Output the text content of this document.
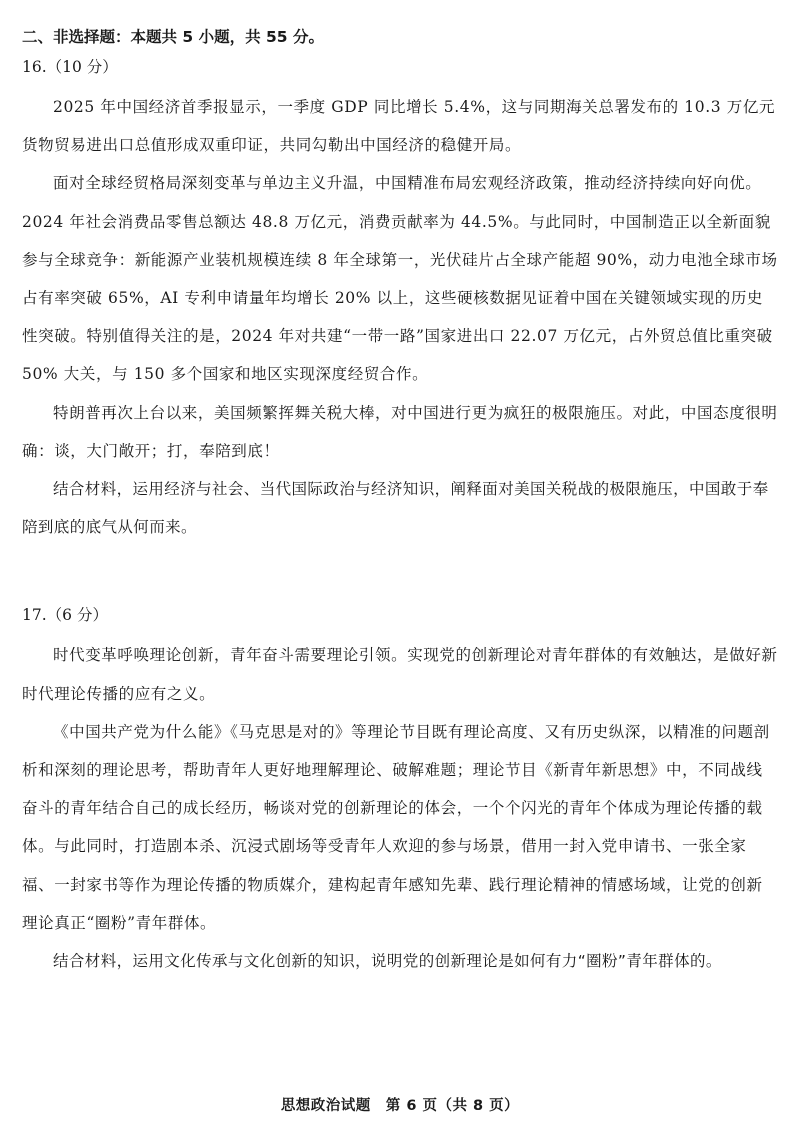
二、非选择题：本题共 5 小题，共 55 分。

16.（10 分）

2025 年中国经济首季报显示，一季度 GDP 同比增长 5.4%，这与同期海关总署发布的 10.3 万亿元货物贸易进出口总值形成双重印证，共同勾勒出中国经济的稳健开局。

面对全球经贸格局深刻变革与单边主义升温，中国精准布局宏观经济政策，推动经济持续向好向优。2024 年社会消费品零售总额达 48.8 万亿元，消费贡献率为 44.5%。与此同时，中国制造正以全新面貌参与全球竞争：新能源产业装机规模连续 8 年全球第一，光伏硅片占全球产能超 90%，动力电池全球市场占有率突破 65%，AI 专利申请量年均增长 20% 以上，这些硬核数据见证着中国在关键领域实现的历史性突破。特别值得关注的是，2024 年对共建“一带一路”国家进出口 22.07 万亿元，占外贸总值比重突破 50% 大关，与 150 多个国家和地区实现深度经贸合作。

特朗普再次上台以来，美国频繁挥舞关税大棒，对中国进行更为疯狂的极限施压。对此，中国态度很明确：谈，大门敞开；打，奉陪到底！

结合材料，运用经济与社会、当代国际政治与经济知识，阐释面对美国关税战的极限施压，中国敢于奉陪到底的底气从何而来。

17.（6 分）

时代变革呼唤理论创新，青年奋斗需要理论引领。实现党的创新理论对青年群体的有效触达，是做好新时代理论传播的应有之义。

《中国共产党为什么能》《马克思是对的》等理论节目既有理论高度、又有历史纵深，以精准的问题剖析和深刻的理论思考，帮助青年人更好地理解理论、破解难题；理论节目《新青年新思想》中，不同战线奋斗的青年结合自己的成长经历，畅谈对党的创新理论的体会，一个个闪光的青年个体成为理论传播的载体。与此同时，打造剧本杀、沉浸式剧场等受青年人欢迎的参与场景，借用一封入党申请书、一张全家福、一封家书等作为理论传播的物质媒介，建构起青年感知先辈、践行理论精神的情感场域，让党的创新理论真正“圈粉”青年群体。

结合材料，运用文化传承与文化创新的知识，说明党的创新理论是如何有力“圈粉”青年群体的。

思想政治试题　第 6 页（共 8 页）
